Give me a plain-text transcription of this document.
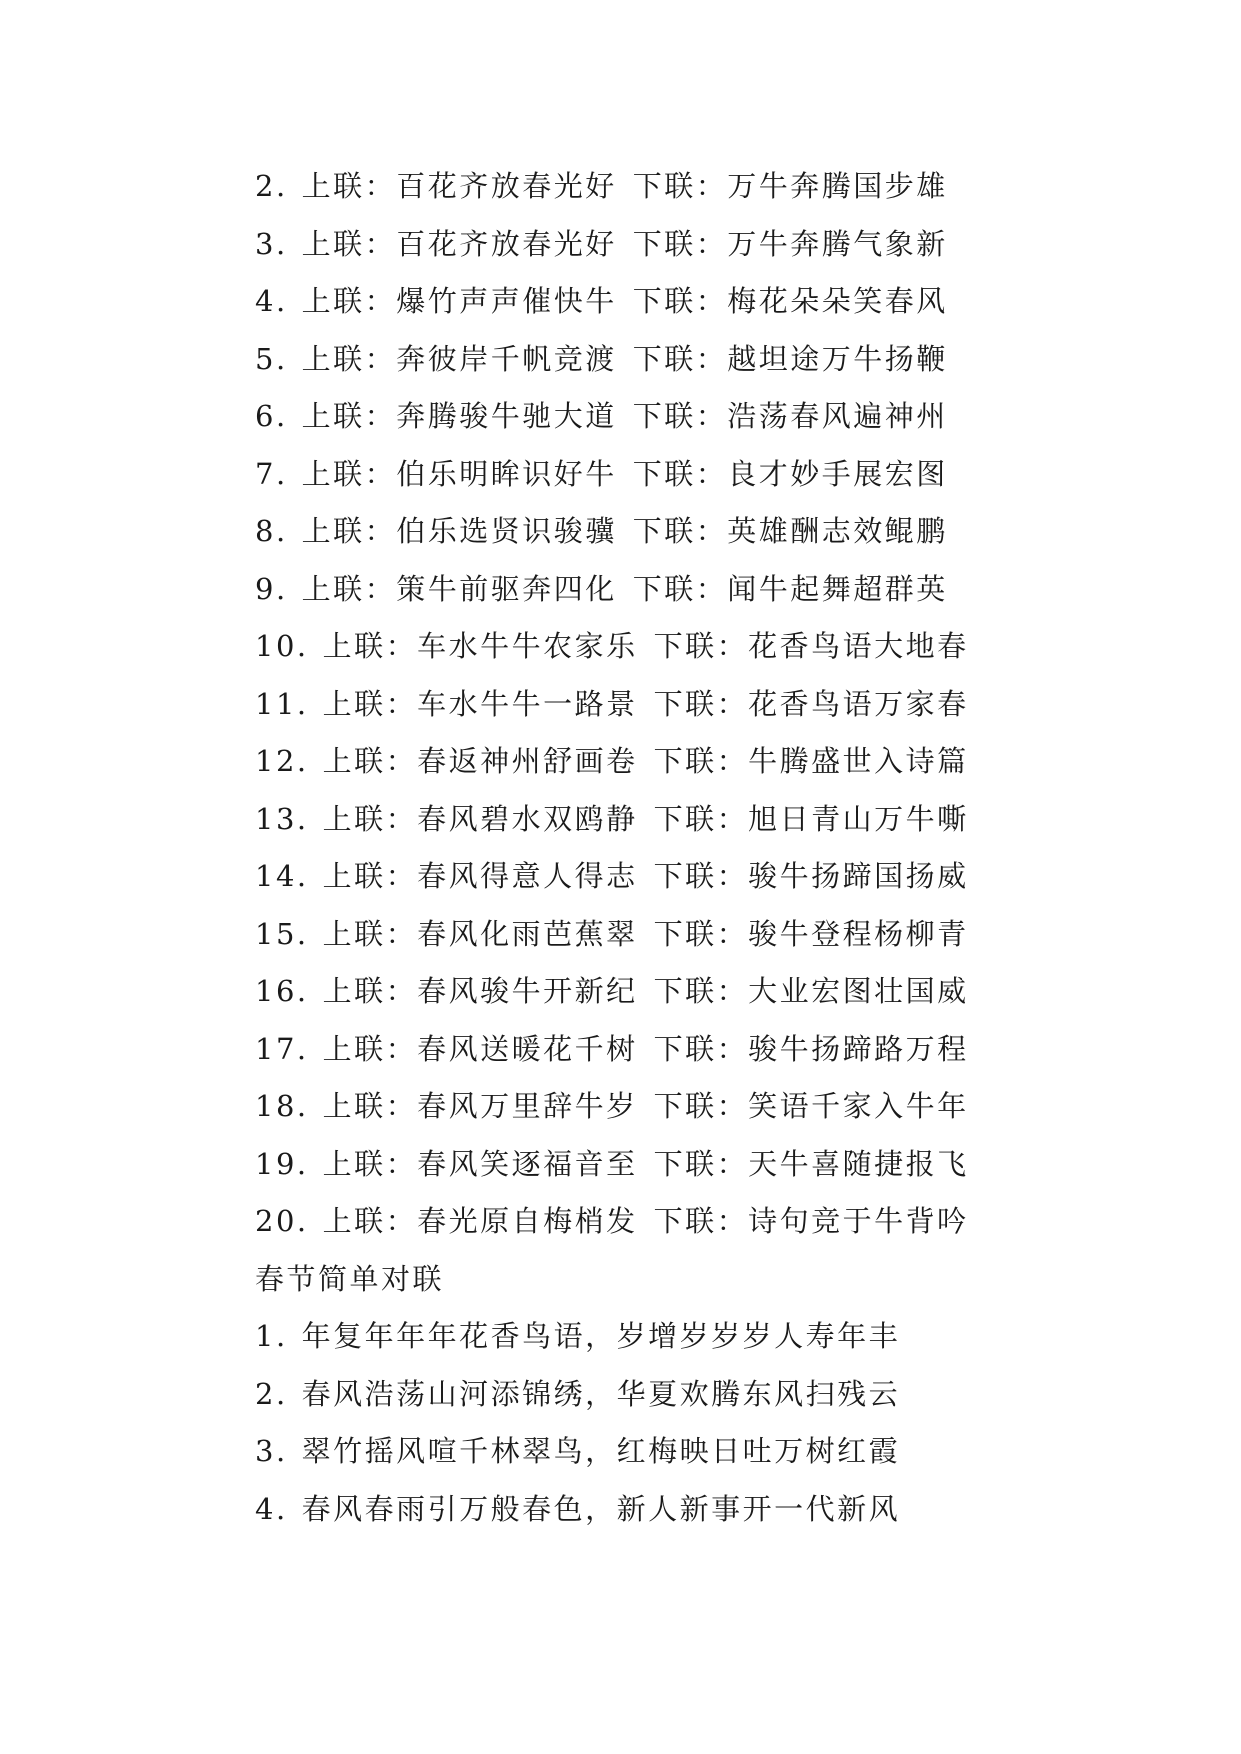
2. 上联：百花齐放春光好 下联：万牛奔腾国步雄
3. 上联：百花齐放春光好 下联：万牛奔腾气象新
4. 上联：爆竹声声催快牛 下联：梅花朵朵笑春风
5. 上联：奔彼岸千帆竞渡 下联：越坦途万牛扬鞭
6. 上联：奔腾骏牛驰大道 下联：浩荡春风遍神州
7. 上联：伯乐明眸识好牛 下联：良才妙手展宏图
8. 上联：伯乐选贤识骏骥 下联：英雄酬志效鲲鹏
9. 上联：策牛前驱奔四化 下联：闻牛起舞超群英
10. 上联：车水牛牛农家乐 下联：花香鸟语大地春
11. 上联：车水牛牛一路景 下联：花香鸟语万家春
12. 上联：春返神州舒画卷 下联：牛腾盛世入诗篇
13. 上联：春风碧水双鸥静 下联：旭日青山万牛嘶
14. 上联：春风得意人得志 下联：骏牛扬蹄国扬威
15. 上联：春风化雨芭蕉翠 下联：骏牛登程杨柳青
16. 上联：春风骏牛开新纪 下联：大业宏图壮国威
17. 上联：春风送暖花千树 下联：骏牛扬蹄路万程
18. 上联：春风万里辞牛岁 下联：笑语千家入牛年
19. 上联：春风笑逐福音至 下联：天牛喜随捷报飞
20. 上联：春光原自梅梢发 下联：诗句竞于牛背吟
春节简单对联
1. 年复年年年花香鸟语，岁增岁岁岁人寿年丰
2. 春风浩荡山河添锦绣，华夏欢腾东风扫残云
3. 翠竹摇风喧千林翠鸟，红梅映日吐万树红霞
4. 春风春雨引万般春色，新人新事开一代新风
